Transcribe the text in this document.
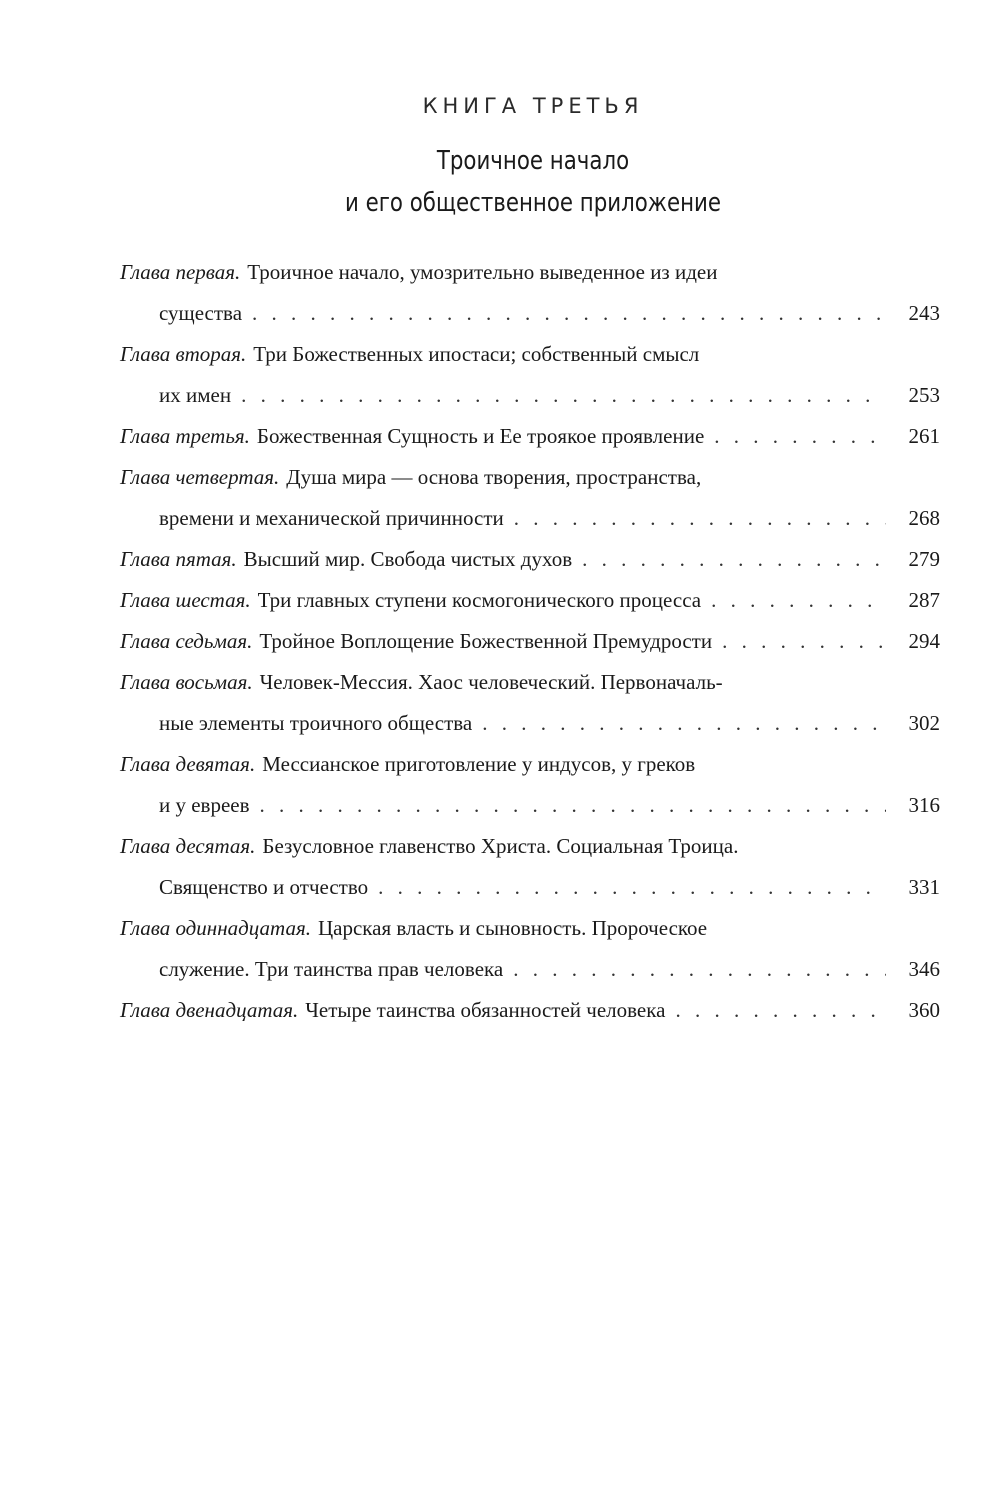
КНИГА ТРЕТЬЯ
Троичное начало
и его общественное приложение
Глава первая. Троичное начало, умозрительно выведенное из идеи
существа . . .	243
Глава вторая. Три Божественных ипостаси; собственный смысл
их имен . . .	253
Глава третья. Божественная Сущность и Ее трoякое проявление . . .	261
Глава четвертая. Душа мира — основа творения, пространства,
времени и механической причинности . . .	268
Глава пятая. Высший мир. Свобода чистых духов . . .	279
Глава шестая. Три главных ступени космогонического процесса . . .	287
Глава седьмая. Тройное Воплощение Божественной Премудрости . . .	294
Глава восьмая. Человек-Мессия. Хаос человеческий. Первоначаль-
ные элементы троичного общества . . .	302
Глава девятая. Мессианское приготовление у индусов, у греков
и у евреев . . .	316
Глава десятая. Безусловное главенство Христа. Социальная Троица.
Священство и отчество . . .	331
Глава одиннадцатая. Царская власть и сыновность. Пророческое
служение. Три таинства прав человека . . .	346
Глава двенадцатая. Четыре таинства обязанностей человека . . .	360
